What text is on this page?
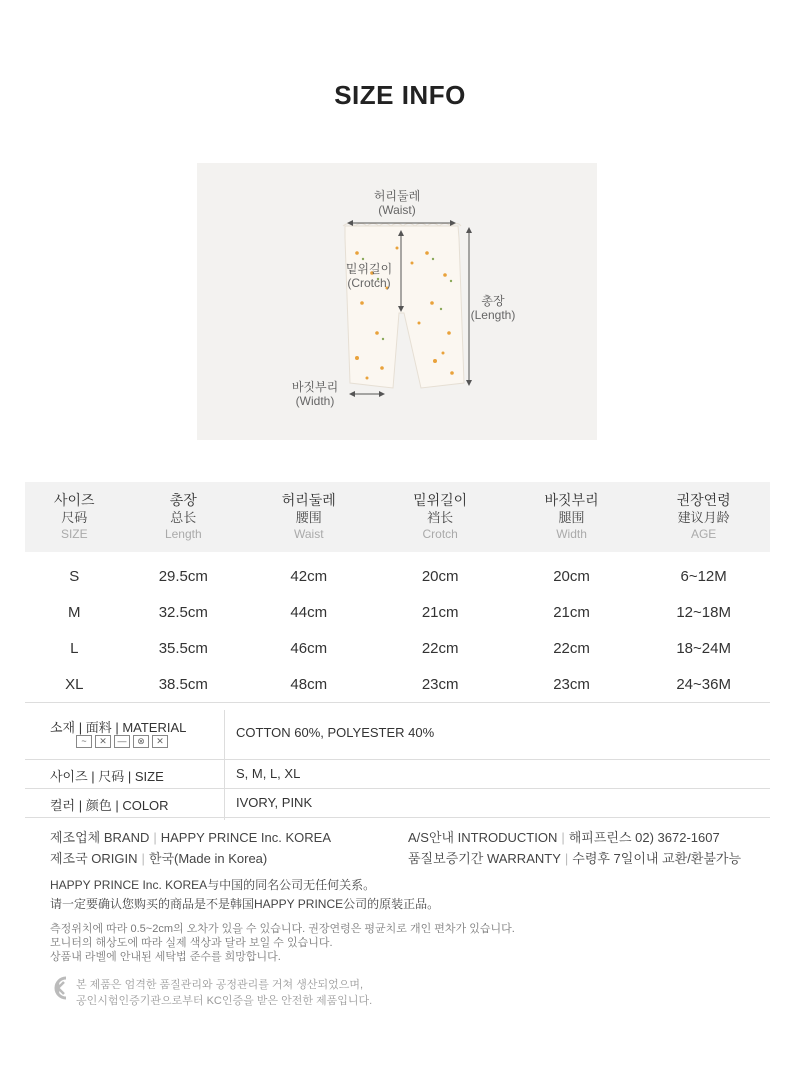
SIZE INFO
허리둘레
(Waist)
밑위길이
(Crotch)
총장
(Length)
바짓부리
(Width)
사이즈
尺码
SIZE	총장
总长
Length	허리둘레
腰围
Waist	밑위길이
裆长
Crotch	바짓부리
腿围
Width	권장연령
建议月龄
AGE

S	29.5cm	42cm	20cm	20cm	6~12M
M	32.5cm	44cm	21cm	21cm	12~18M
L	35.5cm	46cm	22cm	22cm	18~24M
XL	38.5cm	48cm	23cm	23cm	24~36M
소재 | 面料 | MATERIAL
~	✕	—	⊗	✕
COTTON 60%, POLYESTER 40%
사이즈 | 尺码 | SIZE	S, M, L, XL
컬러 | 颜色 | COLOR	IVORY, PINK
제조업체 BRAND | HAPPY PRINCE Inc. KOREA
제조국 ORIGIN | 한국(Made in Korea)
A/S안내 INTRODUCTION | 해피프린스 02) 3672-1607
품질보증기간 WARRANTY | 수령후 7일이내 교환/환불가능
HAPPY PRINCE Inc. KOREA与中国的同名公司无任何关系。
请一定要确认您购买的商品是不是韩国HAPPY PRINCE公司的原装正品。
측정위치에 따라 0.5~2cm의 오차가 있을 수 있습니다. 권장연령은 평균치로 개인 편차가 있습니다.
모니터의 해상도에 따라 실제 색상과 달라 보일 수 있습니다.
상품내 라벨에 안내된 세탁법 준수를 희망합니다.
본 제품은 엄격한 품질관리와 공정관리를 거쳐 생산되었으며,
공인시험인증기관으로부터 KC인증을 받은 안전한 제품입니다.
